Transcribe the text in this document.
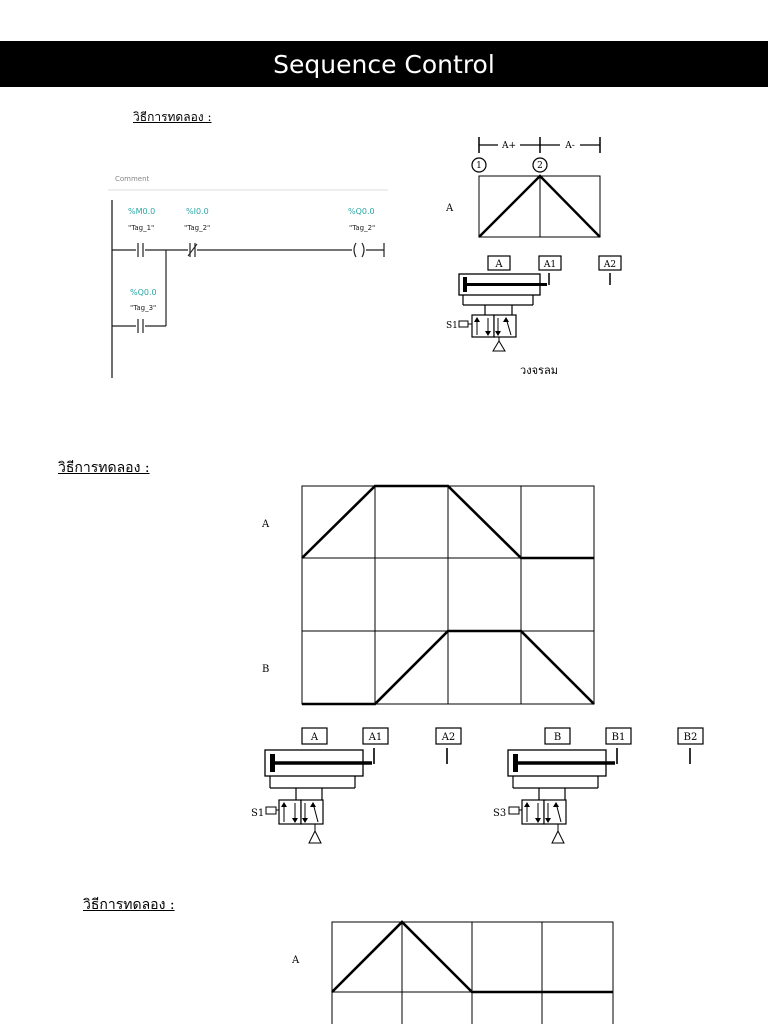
Sequence Control
วิธีการทดลอง :
วิธีการทดลอง :
วิธีการทดลอง :
Comment
%M0.0
"Tag_1"
%I0.0
"Tag_2"
%Q0.0
"Tag_2"
%Q0.0
"Tag_3"
A+	A-
1	2
A
A	A1	A2
S1
วงจรลม
A
B
A	A1	A2
S1
B	B1	B2
S3
A
